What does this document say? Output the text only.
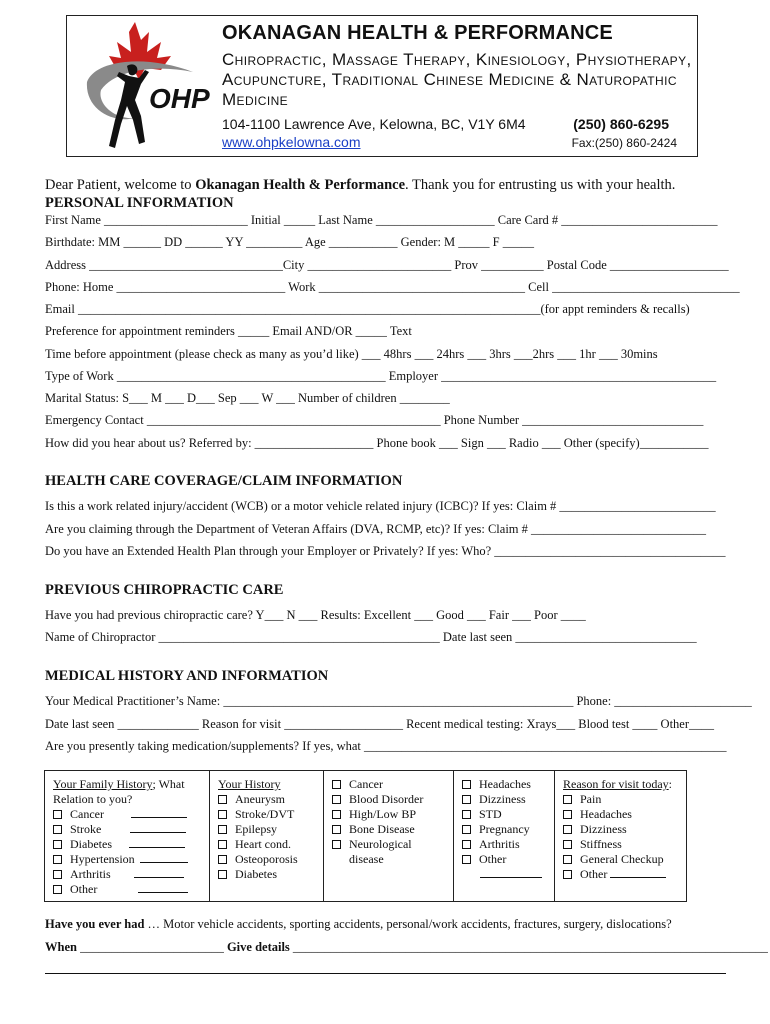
OHP
OKANAGAN HEALTH & PERFORMANCE
Chiropractic, Massage Therapy, Kinesiology, Physiotherapy, Acupuncture, Traditional Chinese Medicine & Naturopathic Medicine
104-1100 Lawrence Ave, Kelowna, BC, V1Y 6M4	(250) 860-6295
www.ohpkelowna.com	Fax:(250) 860-2424
Dear Patient, welcome to Okanagan Health & Performance. Thank you for entrusting us with your health.
PERSONAL INFORMATION
First Name _______________________ Initial _____ Last Name ___________________ Care Card # _________________________
Birthdate: MM ______ DD ______ YY _________ Age ___________ Gender: M _____ F _____
Address _______________________________City _______________________ Prov __________ Postal Code ___________________
Phone: Home ___________________________ Work _________________________________ Cell ______________________________
Email __________________________________________________________________________(for appt reminders & recalls)
Preference for appointment reminders _____ Email AND/OR _____ Text
Time before appointment (please check as many as you’d like) ___ 48hrs ___ 24hrs ___ 3hrs ___2hrs ___ 1hr ___ 30mins
Type of Work ___________________________________________ Employer ____________________________________________
Marital Status: S___ M ___ D___ Sep ___ W ___ Number of children ________
Emergency Contact _______________________________________________ Phone Number _____________________________
How did you hear about us? Referred by: ___________________ Phone book ___ Sign ___ Radio ___ Other (specify)___________
HEALTH CARE COVERAGE/CLAIM INFORMATION
Is this a work related injury/accident (WCB) or a motor vehicle related injury (ICBC)? If yes: Claim # _________________________
Are you claiming through the Department of Veteran Affairs (DVA, RCMP, etc)? If yes: Claim # ____________________________
Do you have an Extended Health Plan through your Employer or Privately? If yes: Who? _____________________________________
PREVIOUS CHIROPRACTIC CARE
Have you had previous chiropractic care? Y___ N ___ Results: Excellent ___ Good ___ Fair ___ Poor ____
Name of Chiropractor _____________________________________________ Date last seen _____________________________
MEDICAL HISTORY AND INFORMATION
Your Medical Practitioner’s Name: ________________________________________________________ Phone: ______________________
Date last seen _____________ Reason for visit ___________________ Recent medical testing: Xrays___ Blood test ____ Other____
Are you presently taking medication/supplements? If yes, what __________________________________________________________
Your Family History; What Relation to you?
Cancer
Stroke
Diabetes
Hypertension
Arthritis
Other
Your History
Aneurysm
Stroke/DVT
Epilepsy
Heart cond.
Osteoporosis
Diabetes
Cancer
Blood Disorder
High/Low BP
Bone Disease
Neurological
disease
Headaches
Dizziness
STD
Pregnancy
Arthritis
Other
Reason for visit today:
Pain
Headaches
Dizziness
Stiffness
General Checkup
Other
Have you ever had … Motor vehicle accidents, sporting accidents, personal/work accidents, fractures, surgery, dislocations?
When _______________________ Give details ____________________________________________________________________________
